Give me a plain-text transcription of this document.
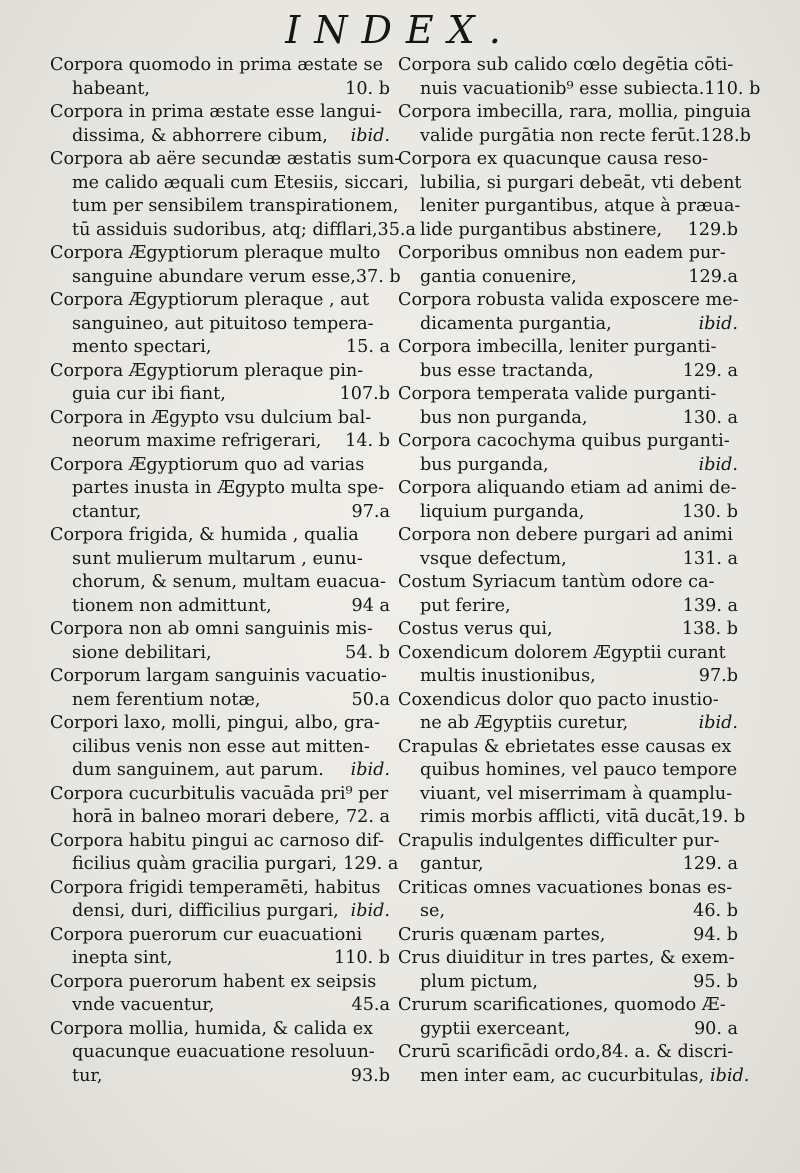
INDEX.
Corpora quomodo in prima æstate se
habeant,	10. b
Corpora in prima æstate esse langui-
dissima, & abhorrere cibum,	ibid.
Corpora ab aëre secundæ æstatis sum-
me calido æquali cum Etesiis, siccari,
tum per sensibilem transpirationem,
tū assiduis sudoribus, atq; difflari,35.a
Corpora Ægyptiorum pleraque multo
sanguine abundare verum esse,37. b
Corpora Ægyptiorum pleraque , aut
sanguineo, aut pituitoso tempera-
mento spectari,	15. a
Corpora Ægyptiorum pleraque pin-
guia cur ibi fiant,	107.b
Corpora in Ægypto vsu dulcium bal-
neorum maxime refrigerari,	14. b
Corpora Ægyptiorum quo ad varias
partes inusta in Ægypto multa spe-
ctantur,	97.a
Corpora frigida, & humida , qualia
sunt mulierum multarum , eunu-
chorum, & senum, multam euacua-
tionem non admittunt,	94 a
Corpora non ab omni sanguinis mis-
sione debilitari,	54. b
Corporum largam sanguinis vacuatio-
nem ferentium notæ,	50.a
Corpori laxo, molli, pingui, albo, gra-
cilibus venis non esse aut mitten-
dum sanguinem, aut parum.	ibid.
Corpora cucurbitulis vacuāda pri⁹ per
horā in balneo morari debere, 72. a
Corpora habitu pingui ac carnoso dif-
ficilius quàm gracilia purgari, 129. a
Corpora frigidi temperamēti, habitus
densi, duri, difficilius purgari, ibid.
Corpora puerorum cur euacuationi
inepta sint,	110. b
Corpora puerorum habent ex seipsis
vnde vacuentur,	45.a
Corpora mollia, humida, & calida ex
quacunque euacuatione resoluun-
tur,	93.b
Corpora sub calido cœlo degētia cōti-
nuis vacuationib⁹ esse subiecta.110. b
Corpora imbecilla, rara, mollia, pinguia
valide purgātia non recte ferūt.128.b
Corpora ex quacunque causa reso-
lubilia, si purgari debeāt, vti debent
leniter purgantibus, atque à præua-
lide purgantibus abstinere,	129.b
Corporibus omnibus non eadem pur-
gantia conuenire,	129.a
Corpora robusta valida exposcere me-
dicamenta purgantia,	ibid.
Corpora imbecilla, leniter purganti-
bus esse tractanda,	129. a
Corpora temperata valide purganti-
bus non purganda,	130. a
Corpora cacochyma quibus purganti-
bus purganda,	ibid.
Corpora aliquando etiam ad animi de-
liquium purganda,	130. b
Corpora non debere purgari ad animi
vsque defectum,	131. a
Costum Syriacum tantùm odore ca-
put ferire,	139. a
Costus verus qui,	138. b
Coxendicum dolorem Ægyptii curant
multis inustionibus,	97.b
Coxendicus dolor quo pacto inustio-
ne ab Ægyptiis curetur,	ibid.
Crapulas & ebrietates esse causas ex
quibus homines, vel pauco tempore
viuant, vel miserrimam à quamplu-
rimis morbis afflicti, vitā ducāt,19. b
Crapulis indulgentes difficulter pur-
gantur,	129. a
Criticas omnes vacuationes bonas es-
se,	46. b
Cruris quænam partes,	94. b
Crus diuiditur in tres partes, & exem-
plum pictum,	95. b
Crurum scarificationes, quomodo Æ-
gyptii exerceant,	90. a
Crurū scarificādi ordo,84. a. & discri-
men inter eam, ac cucurbitulas, ibid.
